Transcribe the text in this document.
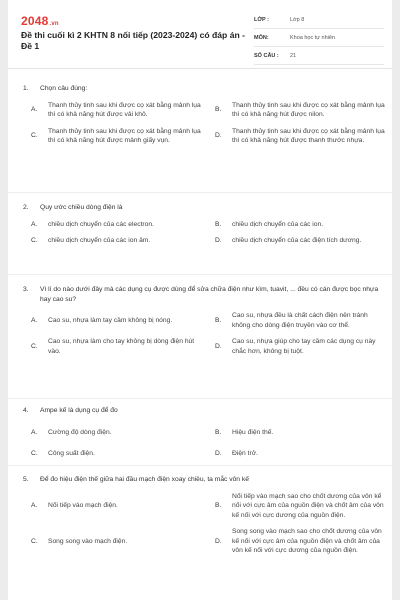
2048.vn
Đề thi cuối kì 2 KHTN 8 nối tiếp (2023-2024) có đáp án - Đề 1
LỚP :	Lớp 8
MÔN:	Khoa học tự nhiên
SỐ CÂU : 21
1. Chọn câu đúng:
A.
Thanh thủy tinh sau khi được cọ xát bằng mảnh lụa thì có khả năng hút được vải khô.
B.
Thanh thủy tinh sau khi được cọ xát bằng mảnh lụa thì có khả năng hút được nilon.
C.
Thanh thủy tinh sau khi được cọ xát bằng mảnh lụa thì có khả năng hút được mảnh giấy vụn.
D.
Thanh thủy tinh sau khi được cọ xát bằng mảnh lụa thì có khả năng hút được thanh thước nhựa.
2. Quy ước chiều dòng điện là
A.	chiều dịch chuyển của các electron.	B.	chiều dịch chuyển của các ion.
C.	chiều dịch chuyển của các ion âm.	D.	chiều dịch chuyển của các điện tích dương.
3. Vì lí do nào dưới đây mà các dụng cụ được dùng để sửa chữa điện như kìm, tuavit, ... đều có cán được bọc nhựa hay cao su?
A.	Cao su, nhựa làm tay cầm không bị nóng.	B.
Cao su, nhựa đều là chất cách điện nên tránh không cho dòng điện truyền vào cơ thể.
C.
Cao su, nhựa làm cho tay không bị dòng điện hút vào.
D.
Cao su, nhựa giúp cho tay cầm các dụng cụ này chắc hơn, không bị tuột.
4. Ampe kế là dụng cụ để đo
A.	Cường độ dòng điện.	B.	Hiệu điện thế.
C.	Công suất điện.	D.	Điện trở.
5. Để đo hiệu điện thế giữa hai đầu mạch điện xoay chiều, ta mắc vôn kế
A.	Nối tiếp vào mạch điện.	B.
Nối tiếp vào mạch sao cho chốt dương của vôn kế nối với cực âm của nguồn điện và chốt âm của vôn kế nối với cực dương của nguồn điện.
C.	Song song vào mạch điện.	D.
Song song vào mạch sao cho chốt dương của vôn kế nối với cực âm của nguồn điện và chốt âm của vôn kế nối với cực dương của nguồn điện.
